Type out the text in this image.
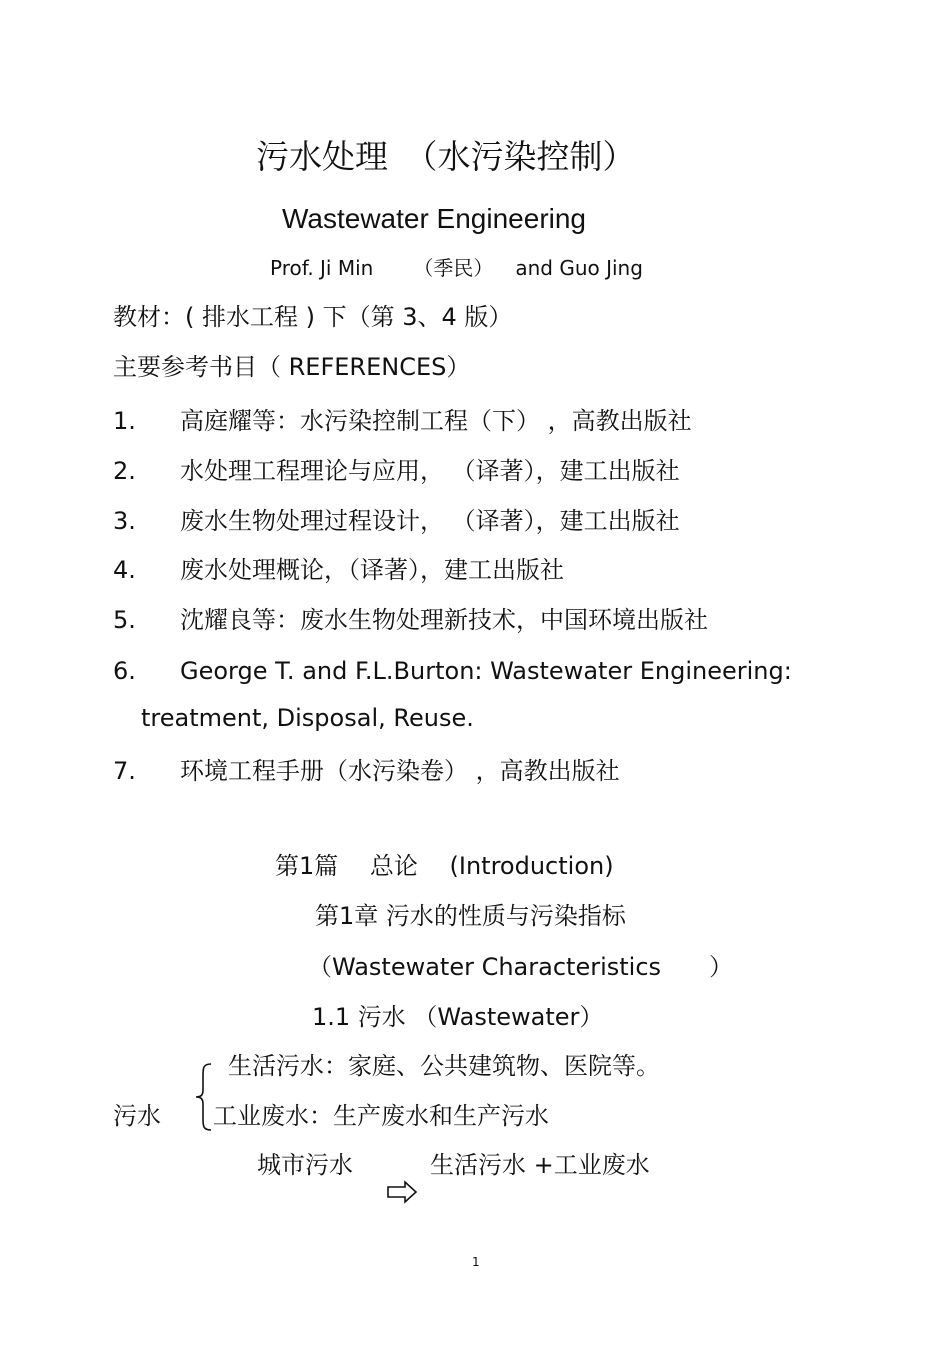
污水处理　（水污染控制）
Wastewater Engineering
Prof. Ji Min （季民） and Guo Jing
教材：( 排水工程 ) 下（第 3、4 版）
主要参考书目（ REFERENCES）
1. 高庭耀等：水污染控制工程（下） ，高教出版社
2. 水处理工程理论与应用， （译著），建工出版社
3. 废水生物处理过程设计， （译著），建工出版社
4. 废水处理概论，（译著），建工出版社
5. 沈耀良等：废水生物处理新技术，中国环境出版社
6. George T. and F.L.Burton: Wastewater Engineering:
treatment, Disposal, Reuse.
7. 环境工程手册（水污染卷） ，高教出版社
第1篇　 总论　 (Introduction)
第1章 污水的性质与污染指标
（Wastewater Characteristics　　）
1.1 污水 （Wastewater）
生活污水：家庭、公共建筑物、医院等。
污水 工业废水：生产废水和生产污水
城市污水	生活污水 +工业废水
1
